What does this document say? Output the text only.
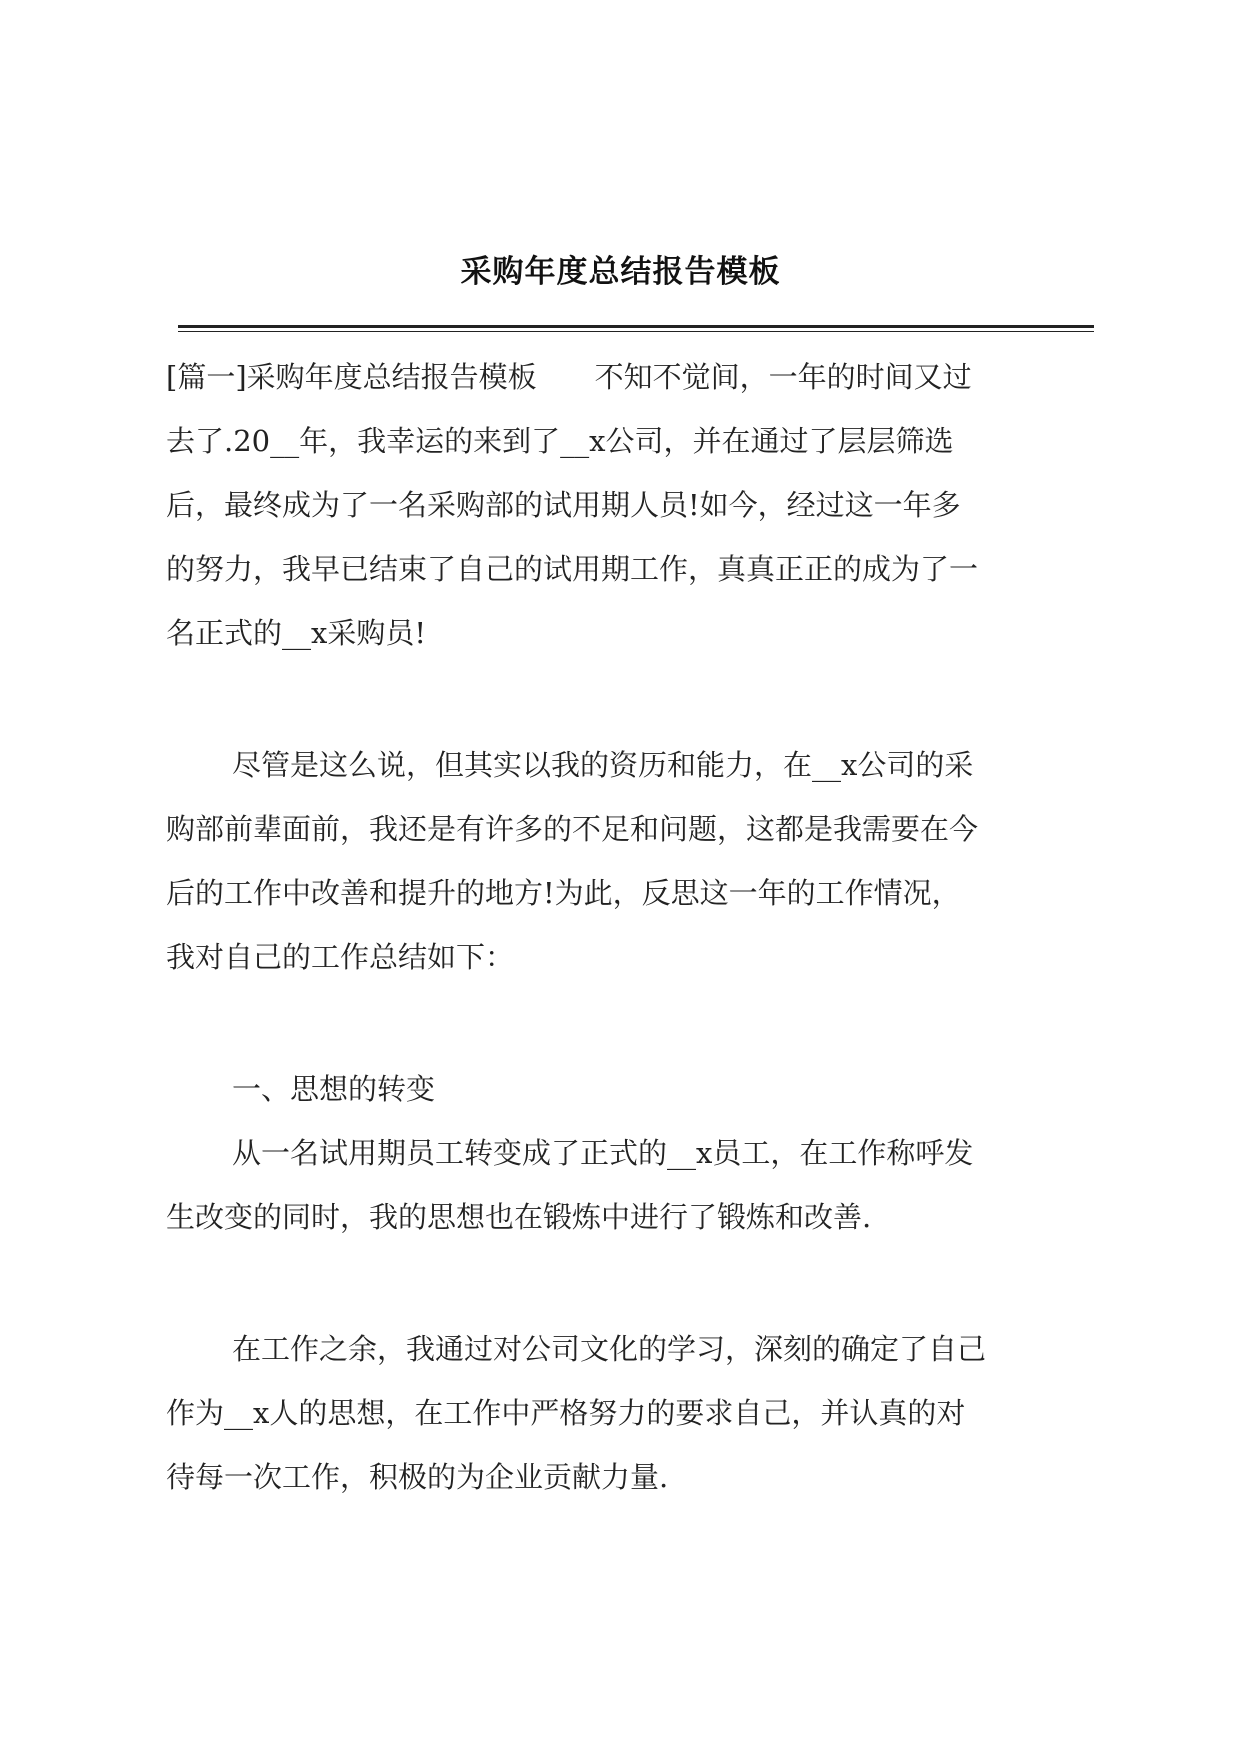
采购年度总结报告模板
[篇一]采购年度总结报告模板　　不知不觉间，一年的时间又过
去了.20__年，我幸运的来到了__x公司，并在通过了层层筛选
后，最终成为了一名采购部的试用期人员!如今，经过这一年多
的努力，我早已结束了自己的试用期工作，真真正正的成为了一
名正式的__x采购员!
尽管是这么说，但其实以我的资历和能力，在__x公司的采
购部前辈面前，我还是有许多的不足和问题，这都是我需要在今
后的工作中改善和提升的地方!为此，反思这一年的工作情况，
我对自己的工作总结如下：
一、思想的转变
从一名试用期员工转变成了正式的__x员工，在工作称呼发
生改变的同时，我的思想也在锻炼中进行了锻炼和改善.
在工作之余，我通过对公司文化的学习，深刻的确定了自己
作为__x人的思想，在工作中严格努力的要求自己，并认真的对
待每一次工作，积极的为企业贡献力量.
